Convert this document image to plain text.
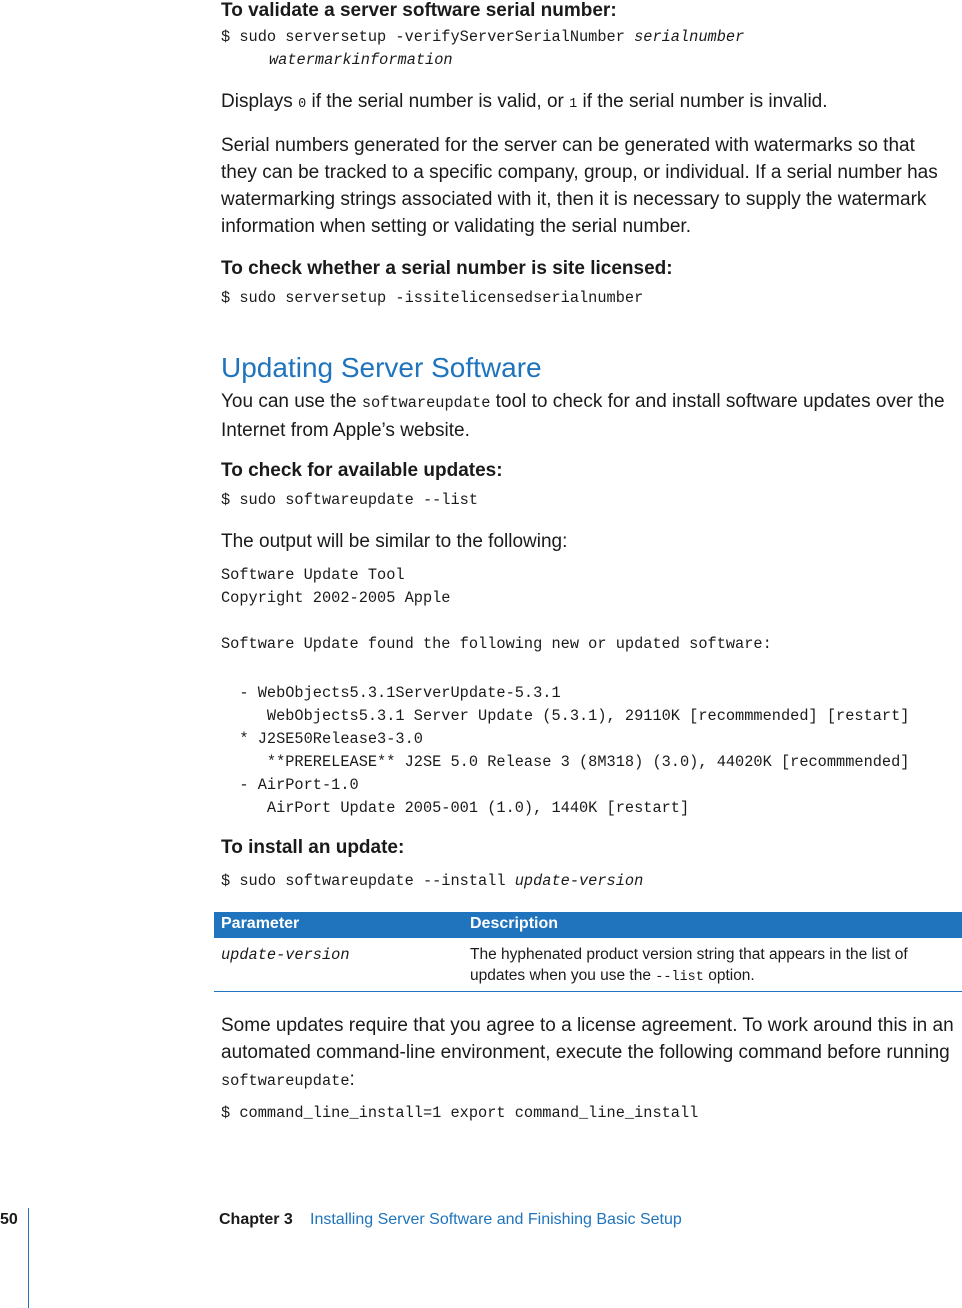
To validate a server software serial number:
$ sudo serversetup -verifyServerSerialNumber serialnumber
watermarkinformation
Displays 0 if the serial number is valid, or 1 if the serial number is invalid.
Serial numbers generated for the server can be generated with watermarks so that they can be tracked to a specific company, group, or individual. If a serial number has watermarking strings associated with it, then it is necessary to supply the watermark information when setting or validating the serial number.
To check whether a serial number is site licensed:
$ sudo serversetup -issitelicensedserialnumber
Updating Server Software
You can use the softwareupdate tool to check for and install software updates over the Internet from Apple’s website.
To check for available updates:
$ sudo softwareupdate --list
The output will be similar to the following:
Software Update Tool
Copyright 2002-2005 Apple
Software Update found the following new or updated software:
- WebObjects5.3.1ServerUpdate-5.3.1
WebObjects5.3.1 Server Update (5.3.1), 29110K [recommmended] [restart]
* J2SE50Release3-3.0
**PRERELEASE** J2SE 5.0 Release 3 (8M318) (3.0), 44020K [recommmended]
- AirPort-1.0
AirPort Update 2005-001 (1.0), 1440K [restart]
To install an update:
$ sudo softwareupdate --install update-version
Parameter	Description
update-version	The hyphenated product version string that appears in the list of updates when you use the --list option.
Some updates require that you agree to a license agreement. To work around this in an automated command-line environment, execute the following command before running softwareupdate:
$ command_line_install=1 export command_line_install
50	Chapter 3 Installing Server Software and Finishing Basic Setup
